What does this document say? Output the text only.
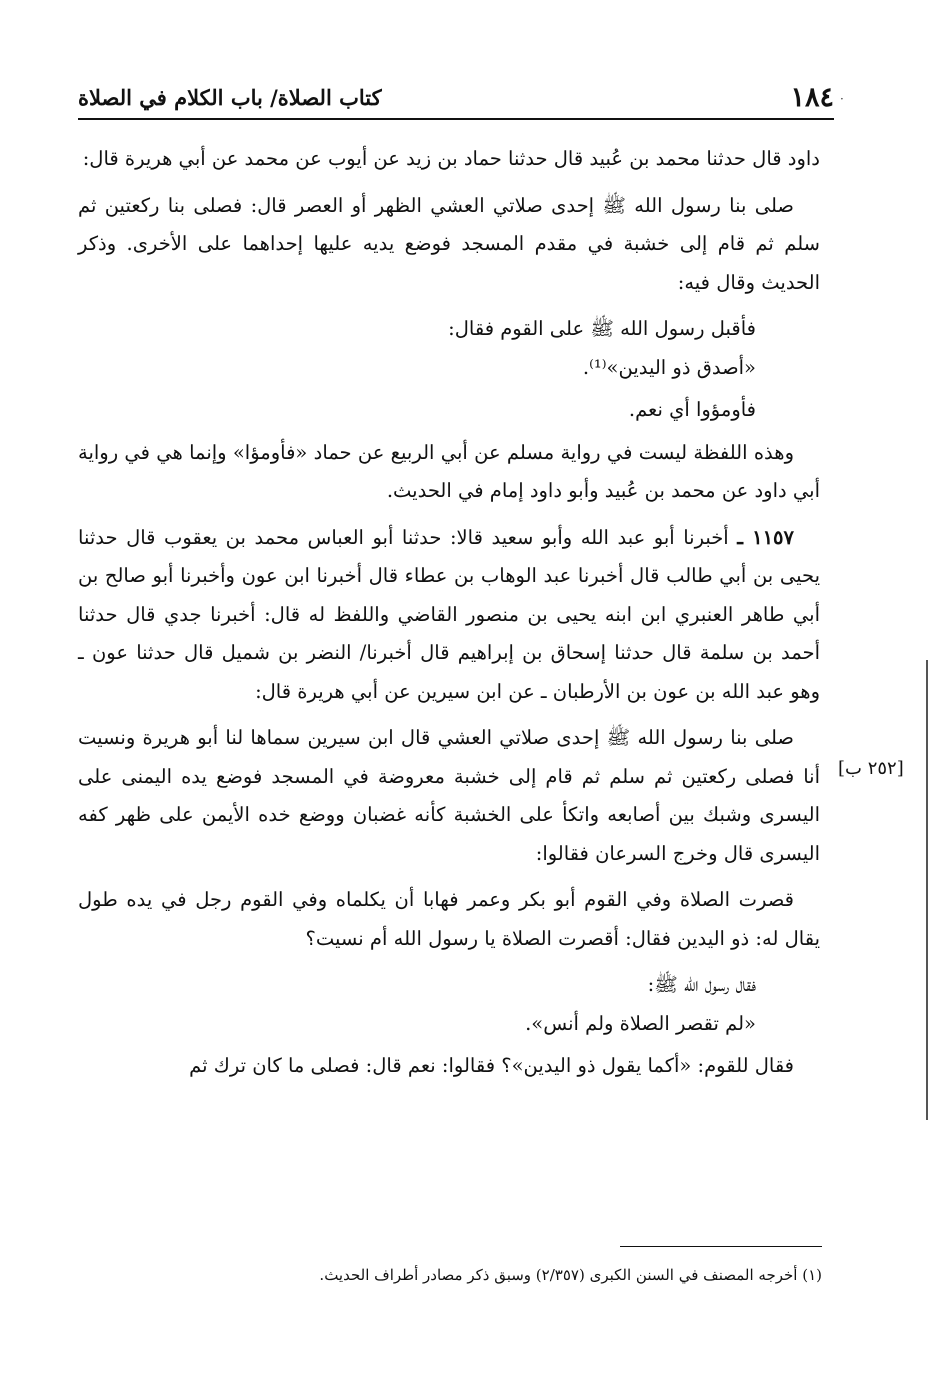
١٨٤
كتاب الصلاة/ باب الكلام في الصلاة	·

داود قال حدثنا محمد بن عُبيد قال حدثنا حماد بن زيد عن أيوب عن محمد عن أبي هريرة قال:

صلى بنا رسول الله ﷺ إحدى صلاتي العشي الظهر أو العصر قال: فصلى بنا ركعتين ثم سلم ثم قام إلى خشبة في مقدم المسجد فوضع يديه عليها إحداهما على الأخرى. وذكر الحديث وقال فيه:

فأقبل رسول الله ﷺ على القوم فقال:
«أصدق ذو اليدين»⁽¹⁾.

فأومؤوا أي نعم.

وهذه اللفظة ليست في رواية مسلم عن أبي الربيع عن حماد «فأومؤا» وإنما هي في رواية أبي داود عن محمد بن عُبيد وأبو داود إمام في الحديث.

١١٥٧ ـ أخبرنا أبو عبد الله وأبو سعيد قالا: حدثنا أبو العباس محمد بن يعقوب قال حدثنا يحيى بن أبي طالب قال أخبرنا عبد الوهاب بن عطاء قال أخبرنا ابن عون وأخبرنا أبو صالح بن أبي طاهر العنبري ابن ابنه يحيى بن منصور القاضي واللفظ له قال: أخبرنا جدي قال حدثنا أحمد بن سلمة قال حدثنا إسحاق بن إبراهيم قال أخبرنا/ النضر بن شميل قال حدثنا عون ـ وهو عبد الله بن عون بن الأرطبان ـ عن ابن سيرين عن أبي هريرة قال:

صلى بنا رسول الله ﷺ إحدى صلاتي العشي قال ابن سيرين سماها لنا أبو هريرة ونسيت أنا فصلى ركعتين ثم سلم ثم قام إلى خشبة معروضة في المسجد فوضع يده اليمنى على اليسرى وشبك بين أصابعه واتكأ على الخشبة كأنه غضبان ووضع خده الأيمن على ظهر كفه اليسرى قال وخرج السرعان فقالوا:

قصرت الصلاة وفي القوم أبو بكر وعمر فهابا أن يكلماه وفي القوم رجل في يده طول يقال له: ذو اليدين فقال: أقصرت الصلاة يا رسول الله أم نسيت؟

فقال رسول الله ﷺ:
«لم تقصر الصلاة ولم أنس».

فقال للقوم: «أكما يقول ذو اليدين»؟ فقالوا: نعم قال: فصلى ما كان ترك ثم

[٢٥٢ ب]
(١) أخرجه المصنف في السنن الكبرى (٢/٣٥٧) وسبق ذكر مصادر أطراف الحديث.
